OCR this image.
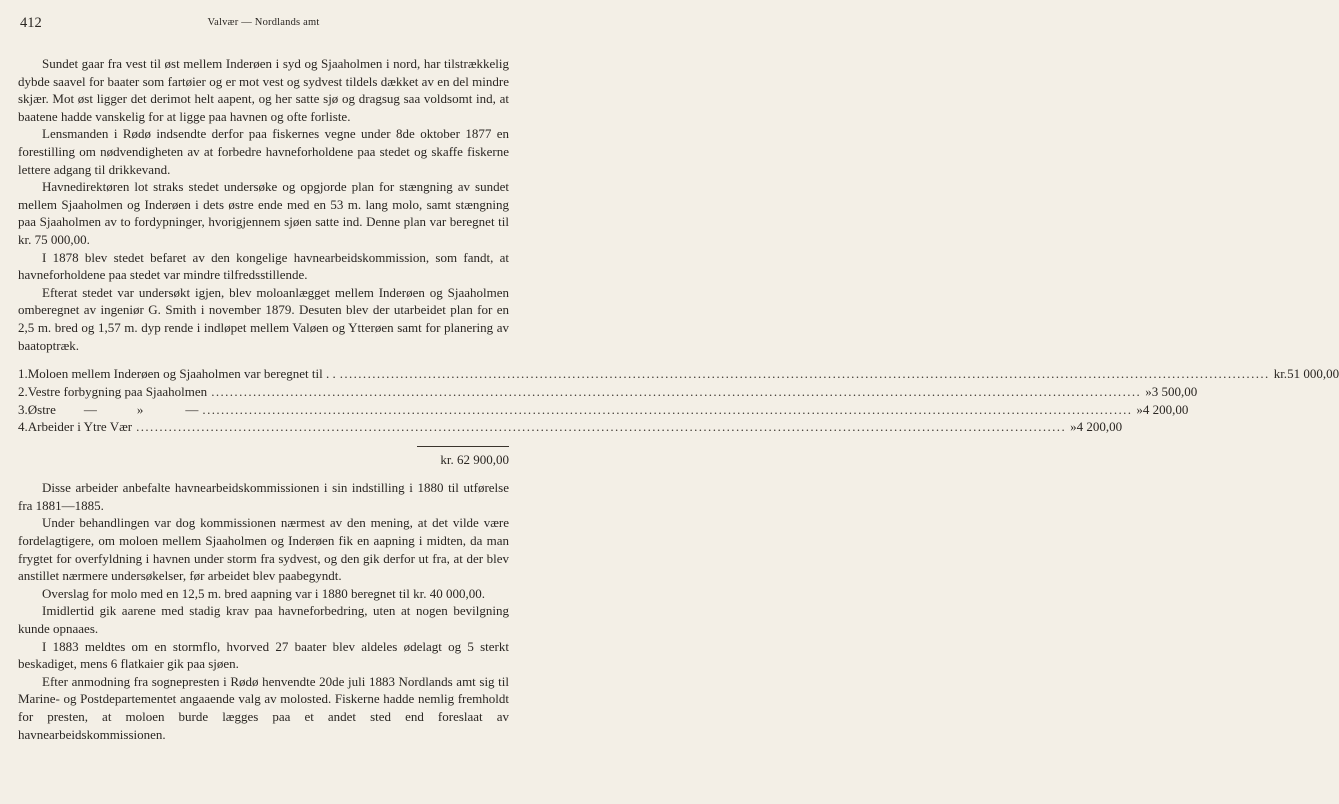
412	Valvær — Nordlands amt

Sundet gaar fra vest til øst mellem Inderøen i syd og Sjaaholmen i nord, har tilstrækkelig dybde saavel for baater som fartøier og er mot vest og sydvest tildels dækket av en del mindre skjær. Mot øst ligger det derimot helt aapent, og her satte sjø og dragsug saa voldsomt ind, at baatene hadde vanskelig for at ligge paa havnen og ofte forliste.

Lensmanden i Rødø indsendte derfor paa fiskernes vegne under 8de oktober 1877 en forestilling om nødvendigheten av at forbedre havneforholdene paa stedet og skaffe fiskerne lettere adgang til drikkevand.

Havnedirektøren lot straks stedet undersøke og opgjorde plan for stængning av sundet mellem Sjaaholmen og Inderøen i dets østre ende med en 53 m. lang molo, samt stængning paa Sjaaholmen av to fordypninger, hvorigjennem sjøen satte ind. Denne plan var beregnet til kr. 75 000,00.

I 1878 blev stedet befaret av den kongelige havnearbeidskommission, som fandt, at havneforholdene paa stedet var mindre tilfredsstillende.

Efterat stedet var undersøkt igjen, blev moloanlægget mellem Inderøen og Sjaaholmen omberegnet av ingeniør G. Smith i november 1879. Desuten blev der utarbeidet plan for en 2,5 m. bred og 1,57 m. dyp rende i indløpet mellem Valøen og Ytterøen samt for planering av baatoptræk.

1. Moloen mellem Inderøen og Sjaaholmen var beregnet til . . ........................................................................................................................................................................................................ kr. 51 000,00
2. Vestre forbygning paa Sjaaholmen ........................................................................................................................................................................................................ » 3 500,00
3. Østre —	»	— ........................................................................................................................................................................................................ » 4 200,00
4. Arbeider i Ytre Vær ........................................................................................................................................................................................................ » 4 200,00
kr. 62 900,00

Disse arbeider anbefalte havnearbeidskommissionen i sin indstilling i 1880 til utførelse fra 1881—1885.

Under behandlingen var dog kommissionen nærmest av den mening, at det vilde være fordelagtigere, om moloen mellem Sjaaholmen og Inderøen fik en aapning i midten, da man frygtet for overfyldning i havnen under storm fra sydvest, og den gik derfor ut fra, at der blev anstillet nærmere undersøkelser, før arbeidet blev paabegyndt.

Overslag for molo med en 12,5 m. bred aapning var i 1880 beregnet til kr. 40 000,00.

Imidlertid gik aarene med stadig krav paa havneforbedring, uten at nogen bevilgning kunde opnaaes.

I 1883 meldtes om en stormflo, hvorved 27 baater blev aldeles ødelagt og 5 sterkt beskadiget, mens 6 flatkaier gik paa sjøen.

Efter anmodning fra sognepresten i Rødø henvendte 20de juli 1883 Nordlands amt sig til Marine- og Postdepartementet angaaende valg av molosted. Fiskerne hadde nemlig fremholdt for presten, at moloen burde lægges paa et andet sted end foreslaat av havnearbeidskommissionen.
